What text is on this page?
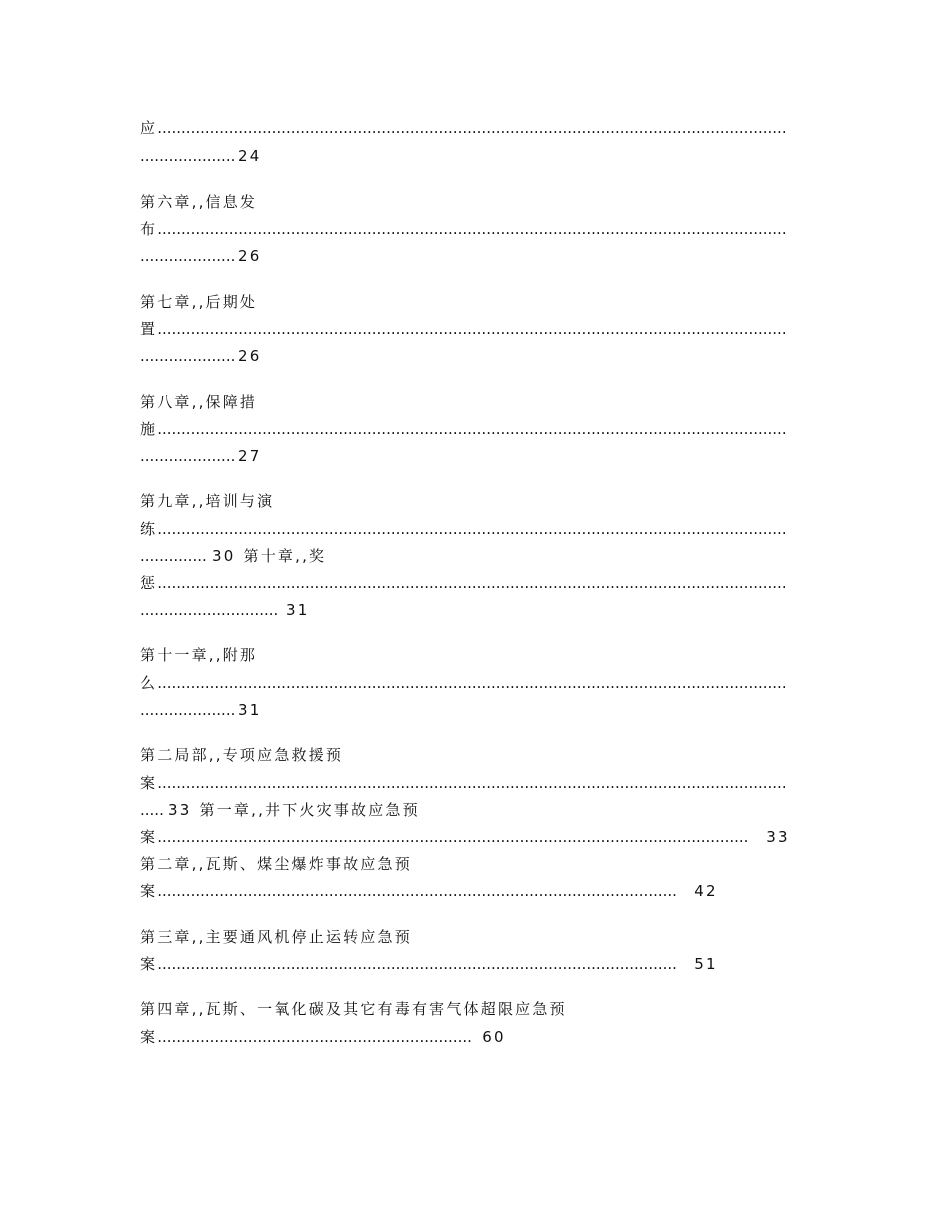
应....................................................................................................................................
.................... 24
第六章,,信息发
布....................................................................................................................................
.................... 26
第七章,,后期处
置....................................................................................................................................
.................... 26
第八章,,保障措
施....................................................................................................................................
.................... 27
第九章,,培训与演
练....................................................................................................................................
.............. 30 第十章,,奖
惩....................................................................................................................................
............................. 31
第十一章,,附那
么....................................................................................................................................
.................... 31
第二局部,,专项应急救援预
案....................................................................................................................................
..... 33 第一章,,井下火灾事故应急预
案............................................................................................................................ 33
第二章,,瓦斯、煤尘爆炸事故应急预
案............................................................................................................. 42
第三章,,主要通风机停止运转应急预
案............................................................................................................. 51
第四章,,瓦斯、一氧化碳及其它有毒有害气体超限应急预
案.................................................................. 60
